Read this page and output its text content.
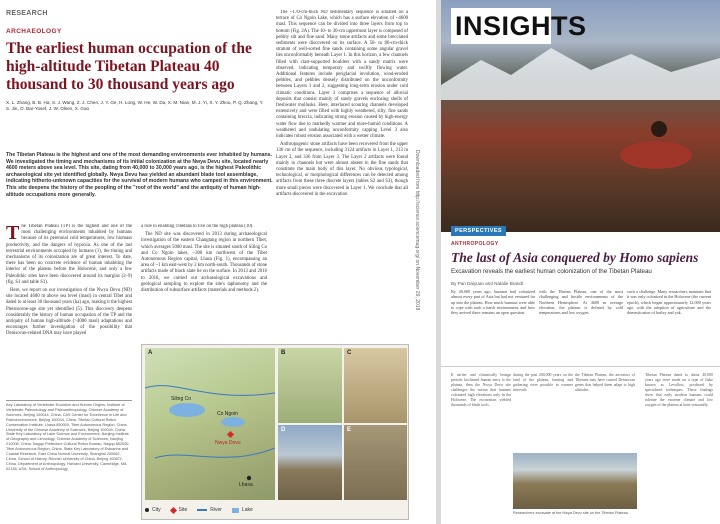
RESEARCH
ARCHAEOLOGY
The earliest human occupation of the high-altitude Tibetan Plateau 40 thousand to 30 thousand years ago
X. L. Zhang, B. B. Ha, S. J. Wang, Z. J. Chen, J. Y. Ge, H. Long, W. He, W. Da, X. M. Nian, M. J. Yi, X. Y. Zhou, P. Q. Zhang, Y. S. Jin, O. Bar-Yosef, J. W. Olsen, X. Gao

The Tibetan Plateau is the highest and one of the most demanding environments ever inhabited by humans. We investigated the timing and mechanisms of its initial colonization at the Nwya Devu site, located nearly 4600 meters above sea level. This site, dating from 40,000 to 30,000 years ago, is the highest Paleolithic archaeological site yet identified globally. Nwya Devu has yielded an abundant blade tool assemblage, indicating hitherto-unknown capacities for the survival of modern humans who camped in this environment. This site deepens the history of the peopling of the "roof of the world" and the antiquity of human high-altitude occupations more generally.

The Tibetan Plateau (TP) is the highest and one of the most challenging environments inhabited by humans because of its perennial cold temperatures, low biomass productivity, and the dangers of hypoxia. As one of the last terrestrial environments occupied by humans (1), the timing and mechanisms of its colonization are of great interest. To date, there has been no concrete evidence of human inhabiting the interior of the plateau before the Holocene, and only a few Paleolithic sites have been discovered around its margins (2–9) (fig. S1 and table S1).

Here, we report on our investigation of the Nwya Devu (ND) site located 4600 m above sea level (masl) in central Tibet and dated to at least 30 thousand years (ka) ago, making it the highest Pleistocene-age site yet identified (5). This discovery deepens considerably the history of human occupation of the TP and the antiquity of human high-altitude (>4000 masl) adaptations and encourages further investigation of the possibility that Denisovan-related DNA may have played

a role in enabling Tibetans to live on the high plateau (10).

The ND site was discovered in 2013 during archaeological investigation of the eastern Changtang region in northern Tibet, which averages 5000 masl. The site is situated south of Siling Co and Co Ngoin lakes, ~300 km northwest of the Tibet Autonomous Region capital, Lhasa (Fig. 1), encompassing an area of ~1 km east-west by 2 km north-south. Thousands of stone artifacts made of black slate lie on the surface. In 2013 and 2016 to 2018, we carried out archaeological excavations and geological sampling to explore the site's taphonomy and the distribution of subsurface artifacts (materials and methods 2).

The ~170-cm-thick ND sedimentary sequence is situated on a terrace of Co Ngoin Lake, which has a surface elevation of ~4600 masl. This sequence can be divided into three layers from top to bottom (Fig. 2A). The 10- to 30-cm uppermost layer is composed of pebbly silt and fine sand. Many stone artifacts and some brecciated sediments were discovered on its surface. A 50- to 80-cm-thick stratum of well-sorted fine sands containing some angular gravel lies unconformably beneath Layer 1. In this horizon, a few channels filled with clast-supported boulders with a sandy matrix were observed, indicating temporary and swiftly flowing water. Additional features include periglacial involution, wind-eroded pebbles, and pebbles densely distributed on the unconformity between Layers 1 and 2, suggesting long-term erosion under cold climatic conditions. Layer 3 comprises a sequence of alluvial deposits that consist mainly of sandy gravels enclosing shells of freshwater mollusks. Here, interlaced scouring channels developed extensively and were filled with highly weathered, silty, fine sands containing breccia, indicating strong erosion caused by high-energy water flow due to markedly warmer and more-humid conditions. A weathered and undulating unconformity capping Level 3 also indicates robust erosion associated with a wetter climate.

Anthropogenic stone artifacts have been recovered from the upper 136 cm of the sequence, including 3124 artifacts in Layer 1, 213 in Layer 2, and 336 from Layer 3. The Layer 2 artifacts were found mainly in channels but were almost absent in the fine sands that constitute the main body of this layer. No obvious typological, technological, or morphological differences can be detected among artifacts from these three discrete layers (tables S2 and S3), though more small pieces were discovered in Layer 1. We conclude that all artifacts discovered in the excavation

Key Laboratory of Vertebrate Evolution and Human Origins, Institute of Vertebrate Paleontology and Paleoanthropology, Chinese Academy of Sciences, Beijing 100044, China. CAS Center for Excellence in Life and Paleoenvironment, Beijing 100044, China. Tibetan Cultural Relics Conservation Institute, Lhasa 850000, Tibet Autonomous Region, China. University of the Chinese Academy of Sciences, Beijing 100049, China. State Key Laboratory of Lake Science and Environment, Nanjing Institute of Geography and Limnology, Chinese Academy of Sciences, Nanjing 210008, China. Nagqu Prefecture Cultural Relics Bureau, Nagqu 852000, Tibet Autonomous Region, China. State Key Laboratory of Estuarine and Coastal Research, East China Normal University, Shanghai 200062, China. School of History, Renmin University of China, Beijing 100872, China. Department of Anthropology, Harvard University, Cambridge, MA 02138, USA. School of Anthropology,
Downloaded from http://science.sciencemag.org/ on November 29, 2018
A
Siling Co
Co Ngoin
Nwya Devu
Lhasa
B	C
D	E
City	Site	River	Lake
INSIGHTS
PERSPECTIVES
ANTHROPOLOGY
The last of Asia conquered by Homo sapiens
Excavation reveals the earliest human colonization of the Tibetan Plateau
By Pan Daiyuan and Natalie Brandt
By 40,000 years ago, humans had colonized almost every part of Asia but had not ventured far up into the plateau. How much humans were able to cope with such a harsh environment, and how they arrived there remains an open question.
with the Tibetan Plateau, one of the most challenging and hostile environments of the Northern Hemisphere. At 4600 m average elevation, the plateau is defined by cold temperatures and low oxygen.
such a challenge. Many researchers maintain that it was only colonized in the Holocene (the current epoch), which began approximately 12,000 years ago, with the adoption of agriculture and the domestication of barley and yak.
If earlier and climatically benign periods facilitated human entry to the plateau, then the Nwya Devu site challenges the notion that humans colonized high elevations only in the Holocene. The excavation yielded thousands of blade tools.
during the past 200,000 years on the land of the plateau, hunting and gathering were possible in warmer intervals.
the Tibetan Plateau, the ancestors of Tibetans may have carried Denisovan genes that helped them adapt to high altitudes.
Tibetan Plateau dated to about 40,000 years ago were made on a type of flake known as Levallois, produced by specialized techniques. These findings show that early modern humans could tolerate the extreme climate and low oxygen of the plateau at least seasonally.
Researchers excavate at the Nwya Devu site on the Tibetan Plateau.
